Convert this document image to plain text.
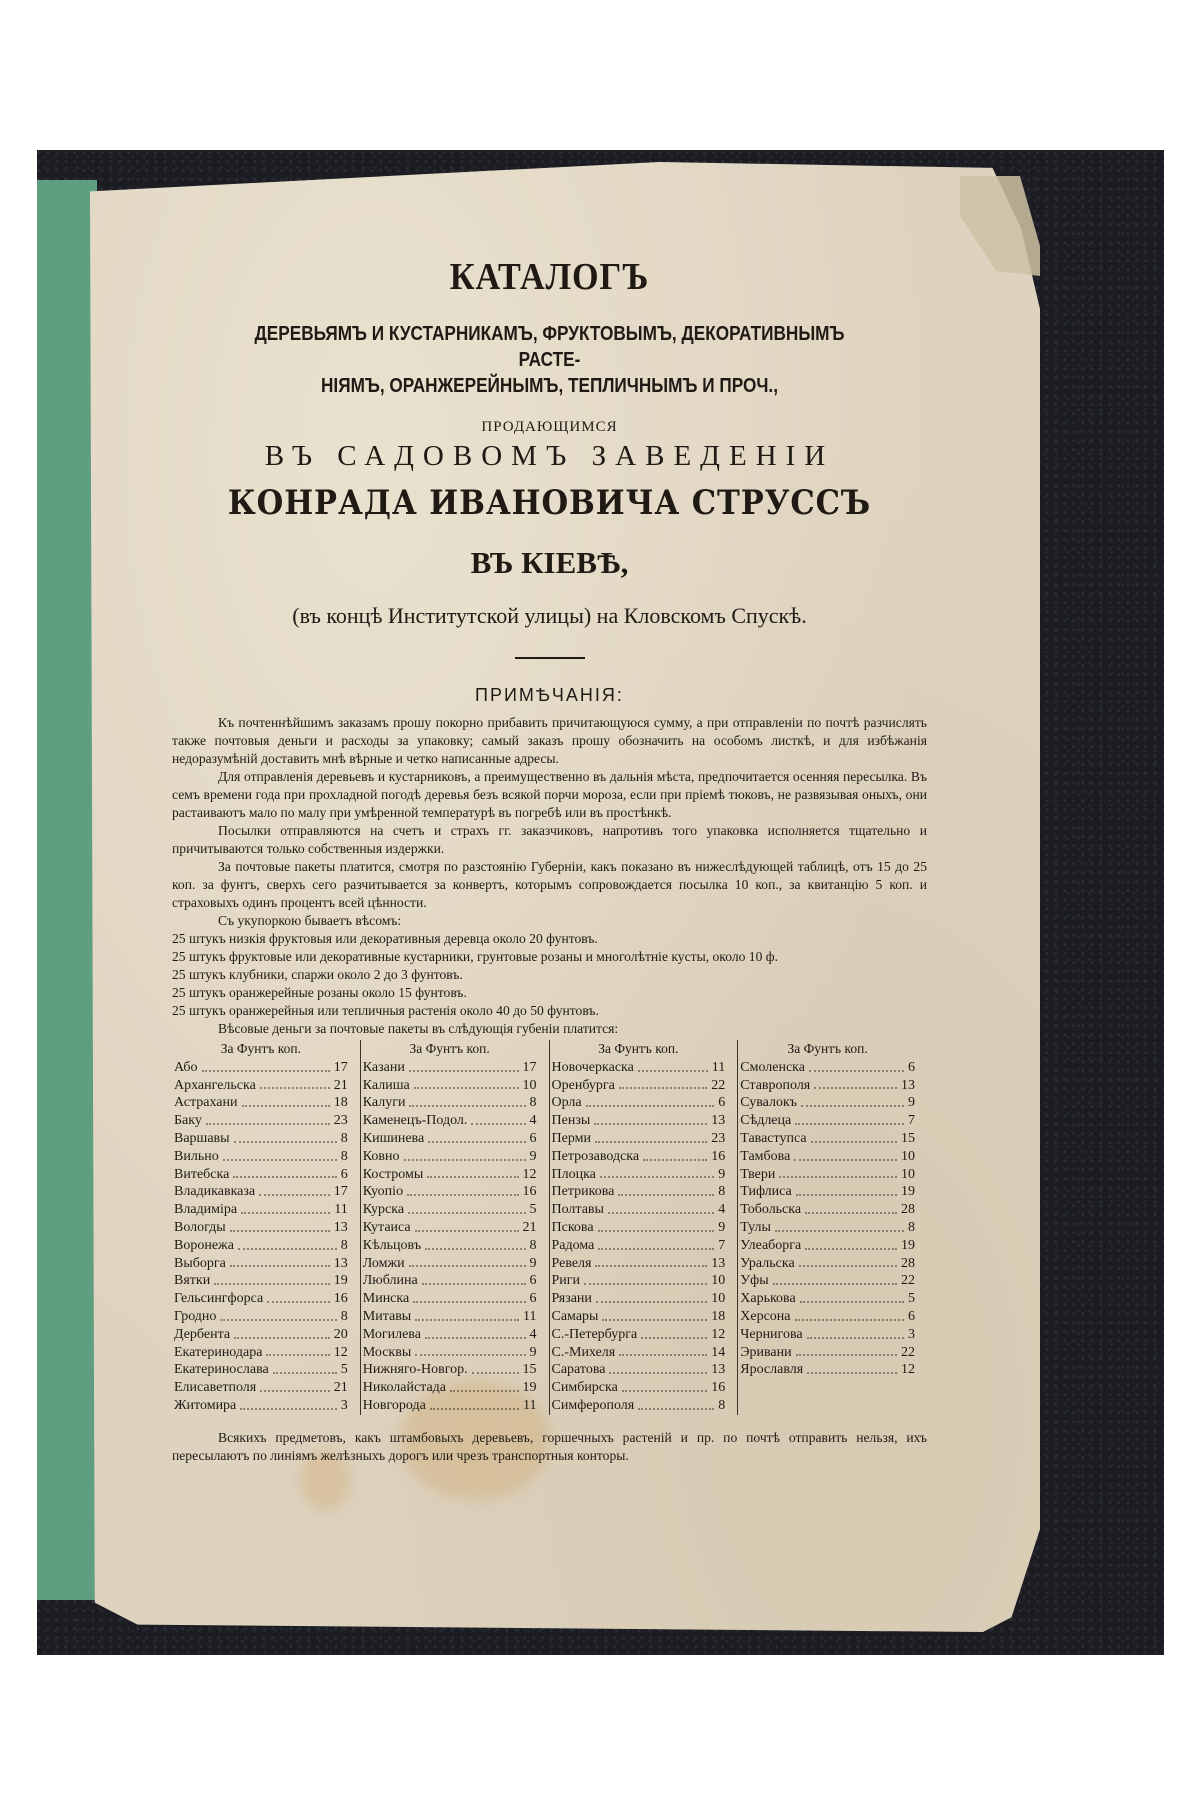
КАТАЛОГЪ
ДЕРЕВЬЯМЪ И КУСТАРНИКАМЪ, ФРУКТОВЫМЪ, ДЕКОРАТИВНЫМЪ РАСТЕ-
НІЯМЪ, ОРАНЖЕРЕЙНЫМЪ, ТЕПЛИЧНЫМЪ И ПРОЧ.,
ПРОДАЮЩИМСЯ
ВЪ САДОВОМЪ ЗАВЕДЕНІИ
КОНРАДА ИВАНОВИЧА СТРУССЪ
ВЪ КІЕВѢ,
(въ концѣ Институтской улицы) на Кловскомъ Спускѣ.
ПРИМѢЧАНІЯ:

Къ почтеннѣйшимъ заказамъ прошу покорно прибавить причитающуюся сумму, а при отправленіи по почтѣ разчислять также почтовыя деньги и расходы за упаковку; самый заказъ прошу обозначить на особомъ листкѣ, и для избѣжанія недоразумѣній доставить мнѣ вѣрные и четко написанные адресы.

Для отправленія деревьевъ и кустарниковъ, а преимущественно въ дальнія мѣста, предпочитается осенняя пересылка. Въ семъ времени года при прохладной погодѣ деревья безъ всякой порчи мороза, если при пріемѣ тюковъ, не развязывая оныхъ, они растаиваютъ мало по малу при умѣренной температурѣ въ погребѣ или въ простѣнкѣ.

Посылки отправляются на счетъ и страхъ гг. заказчиковъ, напротивъ того упаковка исполняется тщательно и причитываются только собственныя издержки.

За почтовые пакеты платится, смотря по разстоянію Губерніи, какъ показано въ нижеслѣдующей таблицѣ, отъ 15 до 25 коп. за фунтъ, сверхъ сего разчитывается за конвертъ, которымъ сопровождается посылка 10 коп., за квитанцію 5 коп. и страховыхъ одинъ процентъ всей цѣнности.

Съ укупоркою бываетъ вѣсомъ:

25 штукъ низкія фруктовыя или декоративныя деревца около 20 фунтовъ.
25 штукъ фруктовые или декоративные кустарники, грунтовые розаны и многолѣтніе кусты, около 10 ф.
25 штукъ клубники, спаржи около 2 до 3 фунтовъ.
25 штукъ оранжерейные розаны около 15 фунтовъ.
25 штукъ оранжерейныя или тепличныя растенія около 40 до 50 фунтовъ.

Вѣсовые деньги за почтовые пакеты въ слѣдующія губеніи платится:

За Фунтъ коп.
Або	17
Архангельска	21
Астрахани	18
Баку	23
Варшавы	8
Вильно	8
Витебска	6
Владикавказа	17
Владиміра	11
Вологды	13
Воронежа	8
Выборга	13
Вятки	19
Гельсингфорса	16
Гродно	8
Дербента	20
Екатеринодара	12
Екатеринослава	5
Елисаветполя	21
Житомира	3
За Фунтъ коп.
Казани	17
Калиша	10
Калуги	8
Каменецъ-Подол.	4
Кишинева	6
Ковно	9
Костромы	12
Куопіо	16
Курска	5
Кутаиса	21
Кѣльцовъ	8
Ломжи	9
Люблина	6
Минска	6
Митавы	11
Могилева	4
Москвы	9
Нижняго-Новгор.	15
Николайстада	19
Новгорода	11
За Фунтъ коп.
Новочеркаска	11
Оренбурга	22
Орла	6
Пензы	13
Перми	23
Петрозаводска	16
Плоцка	9
Петрикова	8
Полтавы	4
Пскова	9
Радома	7
Ревеля	13
Риги	10
Рязани	10
Самары	18
С.-Петербурга	12
С.-Михеля	14
Саратова	13
Симбирска	16
Симферополя	8
За Фунтъ коп.
Смоленска	6
Ставрополя	13
Сувалокъ	9
Сѣдлеца	7
Таваступса	15
Тамбова	10
Твери	10
Тифлиса	19
Тобольска	28
Тулы	8
Улеаборга	19
Уральска	28
Уфы	22
Харькова	5
Херсона	6
Чернигова	3
Эривани	22
Ярославля	12

Всякихъ предметовъ, какъ штамбовыхъ деревьевъ, горшечныхъ растеній и пр. по почтѣ отправить нельзя, ихъ пересылаютъ по линіямъ желѣзныхъ дорогъ или чрезъ транспортныя конторы.
